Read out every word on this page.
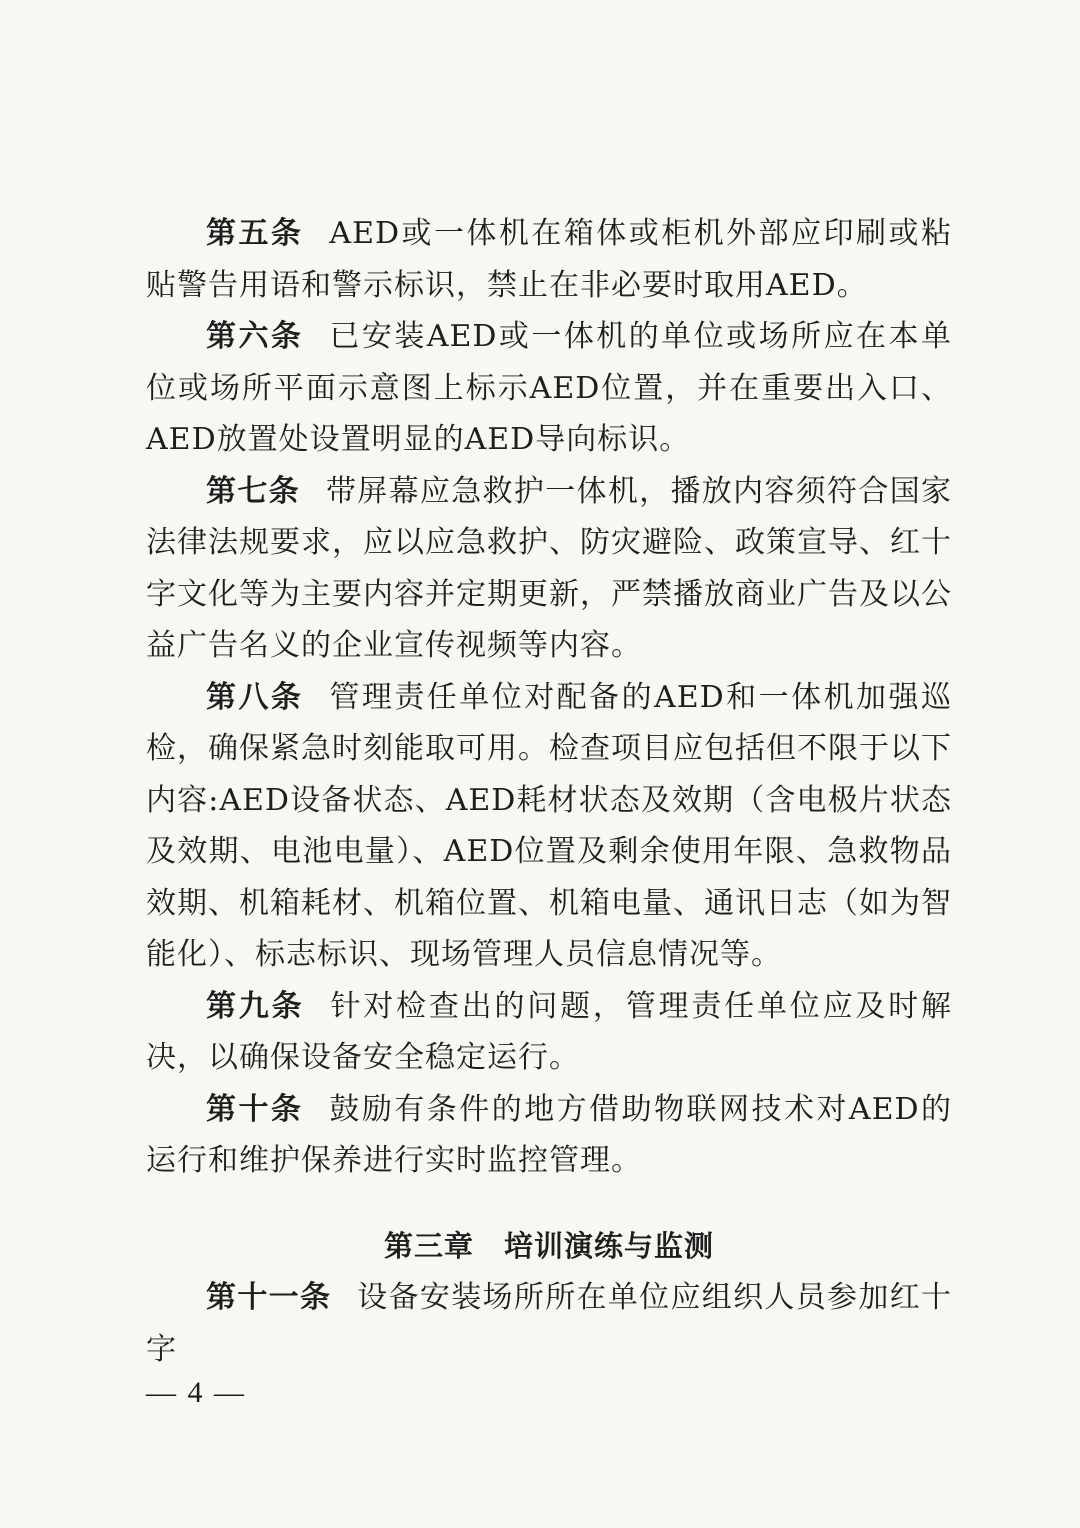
第五条 AED或一体机在箱体或柜机外部应印刷或粘贴警告用语和警示标识，禁止在非必要时取用AED。

第六条 已安装AED或一体机的单位或场所应在本单位或场所平面示意图上标示AED位置，并在重要出入口、AED放置处设置明显的AED导向标识。

第七条 带屏幕应急救护一体机，播放内容须符合国家法律法规要求，应以应急救护、防灾避险、政策宣导、红十字文化等为主要内容并定期更新，严禁播放商业广告及以公益广告名义的企业宣传视频等内容。

第八条 管理责任单位对配备的AED和一体机加强巡检，确保紧急时刻能取可用。检查项目应包括但不限于以下内容:AED设备状态、AED耗材状态及效期（含电极片状态及效期、电池电量）、AED位置及剩余使用年限、急救物品效期、机箱耗材、机箱位置、机箱电量、通讯日志（如为智能化）、标志标识、现场管理人员信息情况等。

第九条 针对检查出的问题，管理责任单位应及时解决，以确保设备安全稳定运行。

第十条 鼓励有条件的地方借助物联网技术对AED的运行和维护保养进行实时监控管理。

第三章 培训演练与监测

第十一条 设备安装场所所在单位应组织人员参加红十字

— 4 —
